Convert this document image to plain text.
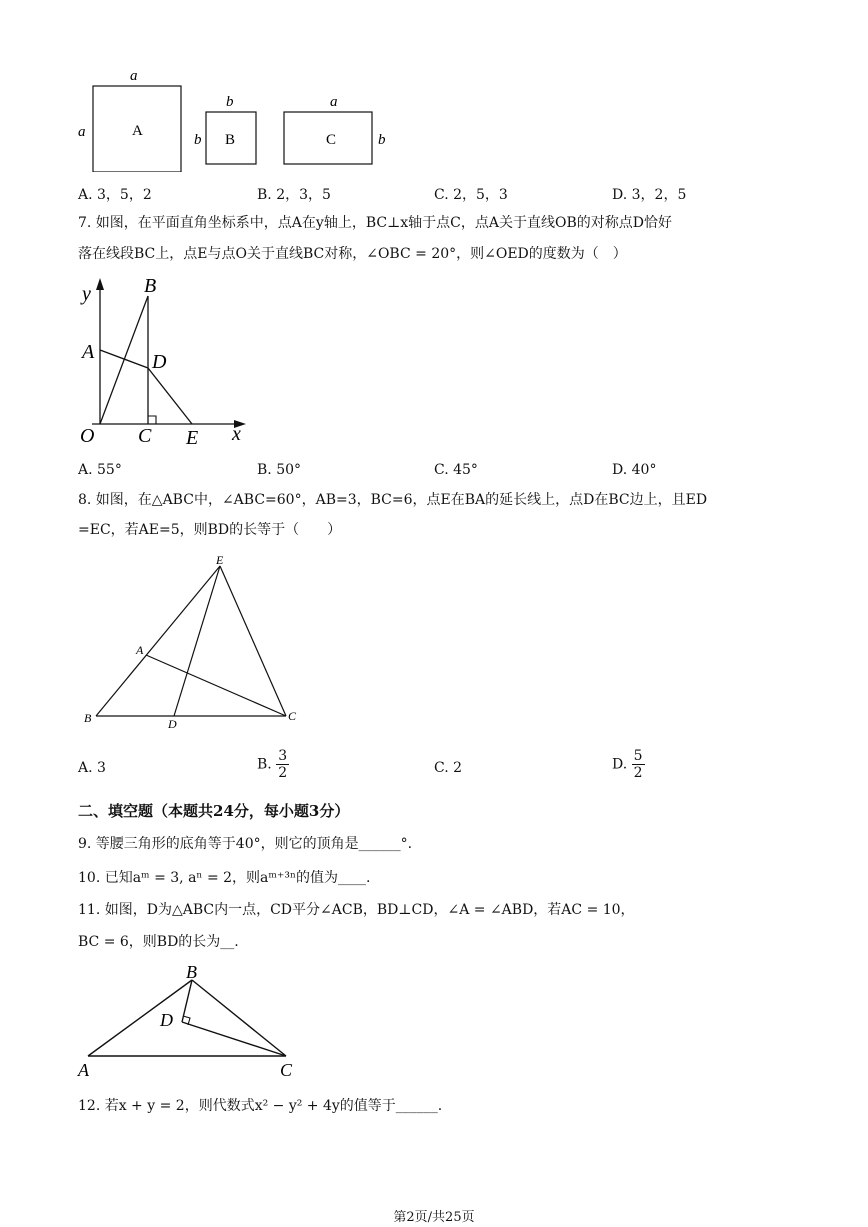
a
a	A
b
b B
a
C	b
A. 3，5，2	B. 2，3，5	C. 2，5，3	D. 3，2，5
7. 如图，在平面直角坐标系中，点A在y轴上，BC⊥x轴于点C，点A关于直线OB的对称点D恰好
落在线段BC上，点E与点O关于直线BC对称，∠OBC = 20°，则∠OED的度数为（　）
y	B
A	D
O C E x
A. 55°	B. 50°	C. 45°	D. 40°
8. 如图，在△ABC中，∠ABC=60°，AB=3，BC=6，点E在BA的延长线上，点D在BC边上，且ED
=EC，若AE=5，则BD的长等于（　　）
E
A
B	D
C
A. 3	B. $\frac{3}{2}$	C. 2	D. $\frac{5}{2}$
二、填空题（本题共24分，每小题3分）
9. 等腰三角形的底角等于40°，则它的顶角是______°.
10. 已知aᵐ = 3, aⁿ = 2，则aᵐ⁺³ⁿ的值为____.
11. 如图，D为△ABC内一点，CD平分∠ACB，BD⊥CD，∠A = ∠ABD，若AC = 10，
BC = 6，则BD的长为__.
B
D
A	C
12. 若x + y = 2，则代数式x² − y² + 4y的值等于______.
第2页/共25页
